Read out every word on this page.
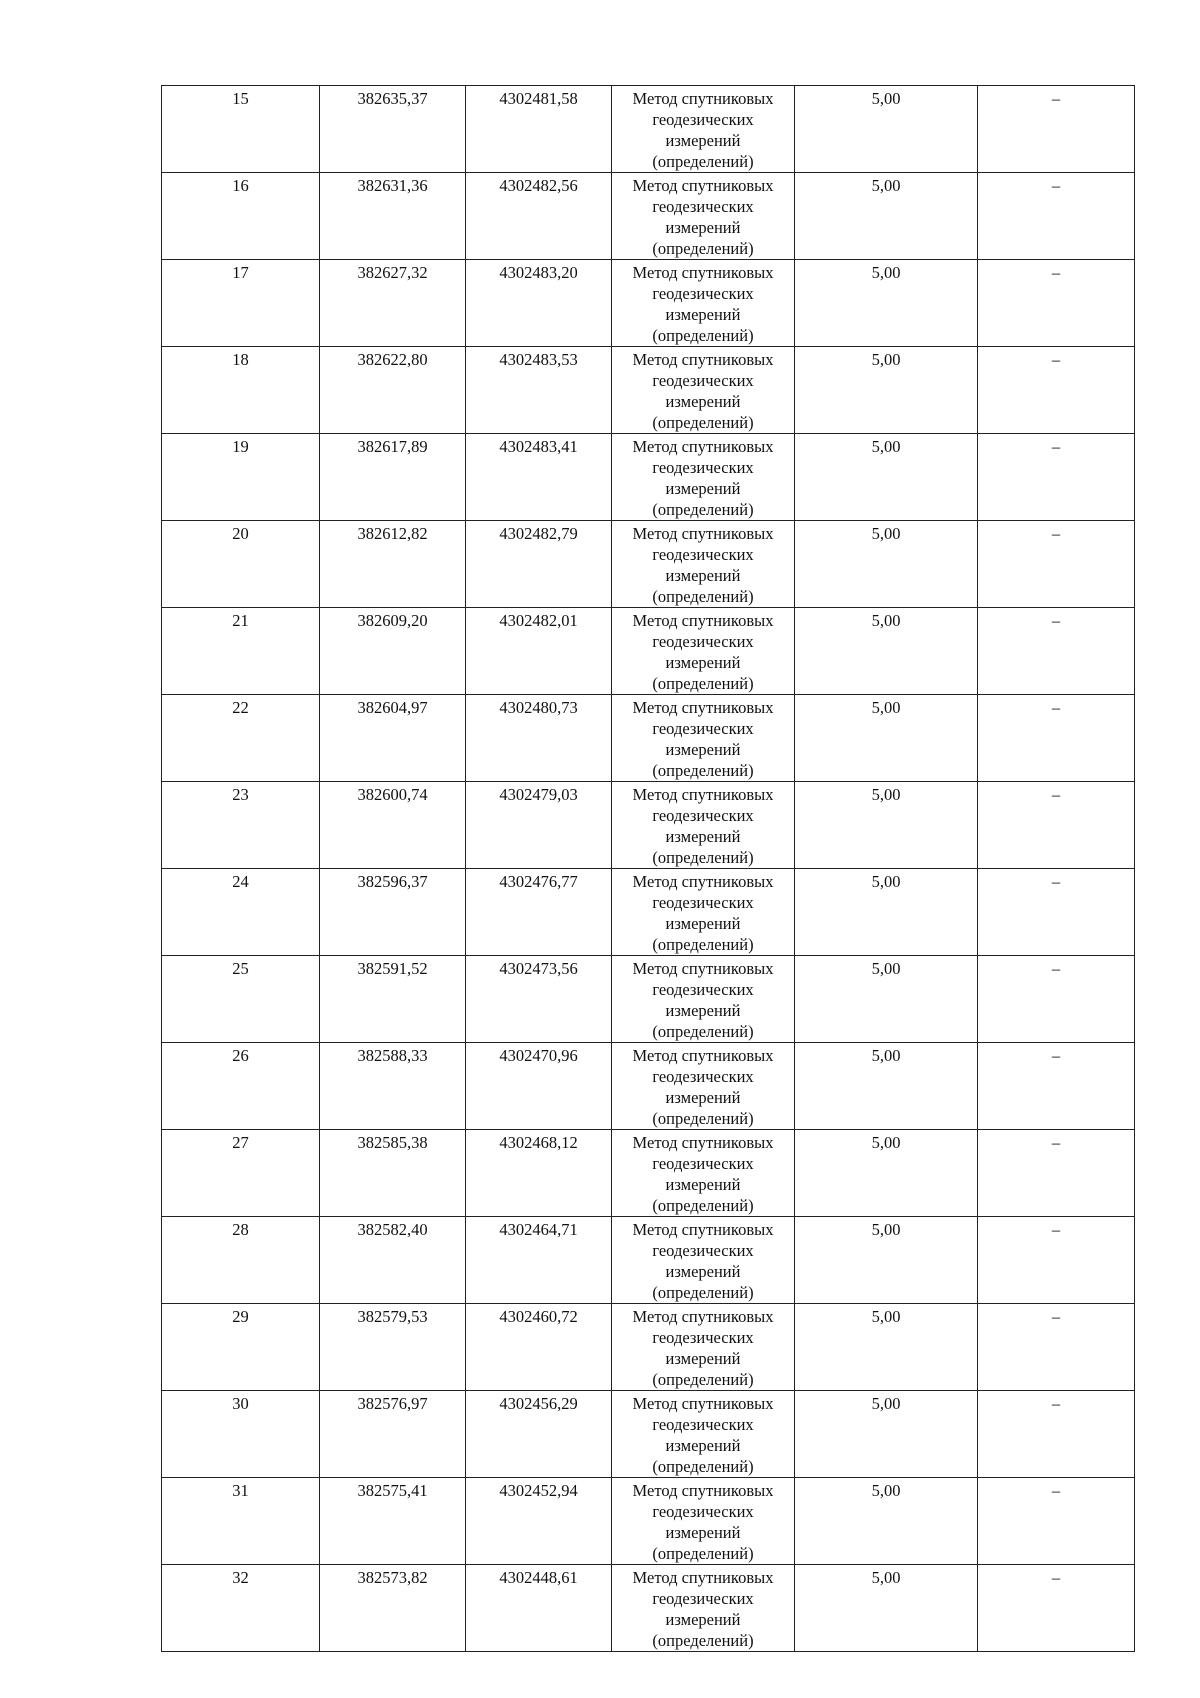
15	382635,37	4302481,58	Метод спутниковых
геодезических
измерений
(определений)	5,00	–
16	382631,36	4302482,56	Метод спутниковых
геодезических
измерений
(определений)	5,00	–
17	382627,32	4302483,20	Метод спутниковых
геодезических
измерений
(определений)	5,00	–
18	382622,80	4302483,53	Метод спутниковых
геодезических
измерений
(определений)	5,00	–
19	382617,89	4302483,41	Метод спутниковых
геодезических
измерений
(определений)	5,00	–
20	382612,82	4302482,79	Метод спутниковых
геодезических
измерений
(определений)	5,00	–
21	382609,20	4302482,01	Метод спутниковых
геодезических
измерений
(определений)	5,00	–
22	382604,97	4302480,73	Метод спутниковых
геодезических
измерений
(определений)	5,00	–
23	382600,74	4302479,03	Метод спутниковых
геодезических
измерений
(определений)	5,00	–
24	382596,37	4302476,77	Метод спутниковых
геодезических
измерений
(определений)	5,00	–
25	382591,52	4302473,56	Метод спутниковых
геодезических
измерений
(определений)	5,00	–
26	382588,33	4302470,96	Метод спутниковых
геодезических
измерений
(определений)	5,00	–
27	382585,38	4302468,12	Метод спутниковых
геодезических
измерений
(определений)	5,00	–
28	382582,40	4302464,71	Метод спутниковых
геодезических
измерений
(определений)	5,00	–
29	382579,53	4302460,72	Метод спутниковых
геодезических
измерений
(определений)	5,00	–
30	382576,97	4302456,29	Метод спутниковых
геодезических
измерений
(определений)	5,00	–
31	382575,41	4302452,94	Метод спутниковых
геодезических
измерений
(определений)	5,00	–
32	382573,82	4302448,61	Метод спутниковых
геодезических
измерений
(определений)	5,00	–
